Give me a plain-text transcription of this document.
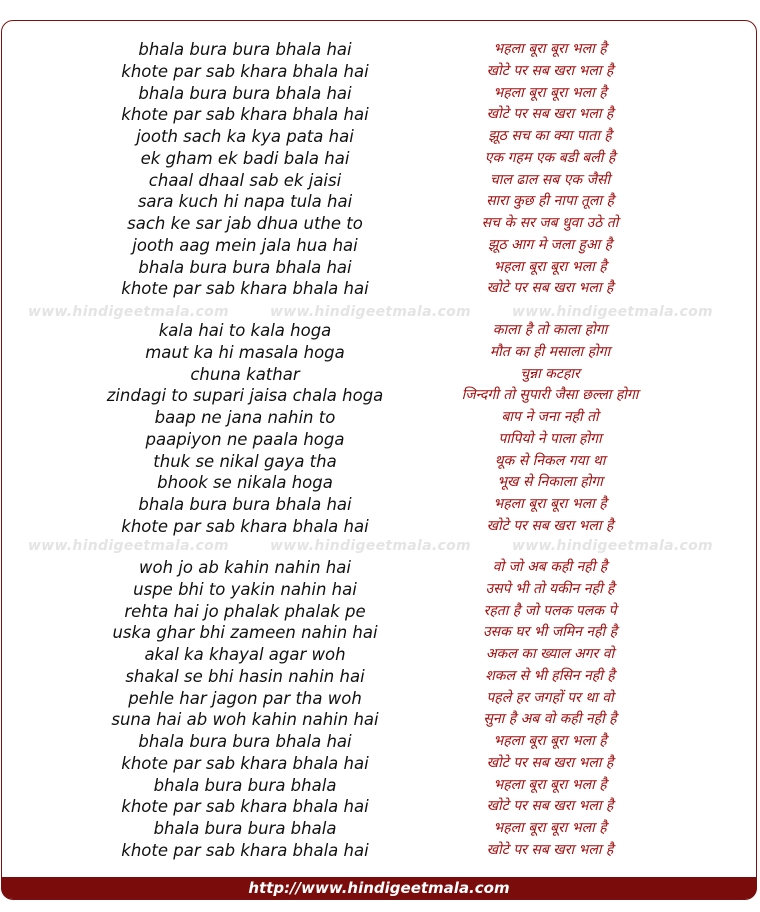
bhala bura bura bhala hai	भहला बूरा बूरा भला है
khote par sab khara bhala hai	खोटे पर सब खरा भला है
bhala bura bura bhala hai	भहला बूरा बूरा भला है
khote par sab khara bhala hai	खोटे पर सब खरा भला है
jooth sach ka kya pata hai	झूठ सच का क्या पाता है
ek gham ek badi bala hai	एक गहम एक बडी बली है
chaal dhaal sab ek jaisi	चाल ढाल सब एक जैसी
sara kuch hi napa tula hai	सारा कुछ ही नापा तूला है
sach ke sar jab dhua uthe to	सच के सर जब धुवा उठे तो
jooth aag mein jala hua hai	झूठ आग मे जला हुआ है
bhala bura bura bhala hai	भहला बूरा बूरा भला है
khote par sab khara bhala hai	खोटे पर सब खरा भला है
kala hai to kala hoga	काला है तो काला होगा
maut ka hi masala hoga	मौत का ही मसाला होगा
chuna kathar	चुन्ना कटहार
zindagi to supari jaisa chala hoga	जिन्दगी तो सुपारी जैसा छल्ला होगा
baap ne jana nahin to	बाप ने जना नही तो
paapiyon ne paala hoga	पापियो ने पाला होगा
thuk se nikal gaya tha	थूक से निकल गया था
bhook se nikala hoga	भूख से निकाला होगा
bhala bura bura bhala hai	भहला बूरा बूरा भला है
khote par sab khara bhala hai	खोटे पर सब खरा भला है
woh jo ab kahin nahin hai	वो जो अब कही नही है
uspe bhi to yakin nahin hai	उसपे भी तो यकीन नही है
rehta hai jo phalak phalak pe	रहता है जो पलक पलक पे
uska ghar bhi zameen nahin hai	उसक घर भी जमिन नही है
akal ka khayal agar woh	अकल का ख्याल अगर वो
shakal se bhi hasin nahin hai	शकल से भी हसिन नही है
pehle har jagon par tha woh	पहले हर जगहों पर था वो
suna hai ab woh kahin nahin hai	सुना है अब वो कही नही है
bhala bura bura bhala hai	भहला बूरा बूरा भला है
khote par sab khara bhala hai	खोटे पर सब खरा भला है
bhala bura bura bhala	भहला बूरा बूरा भला है
khote par sab khara bhala hai	खोटे पर सब खरा भला है
bhala bura bura bhala	भहला बूरा बूरा भला है
khote par sab khara bhala hai	खोटे पर सब खरा भला है
www.hindigeetmala.com	www.hindigeetmala.com	www.hindigeetmala.com
www.hindigeetmala.com	www.hindigeetmala.com	www.hindigeetmala.com
http://www.hindigeetmala.com
